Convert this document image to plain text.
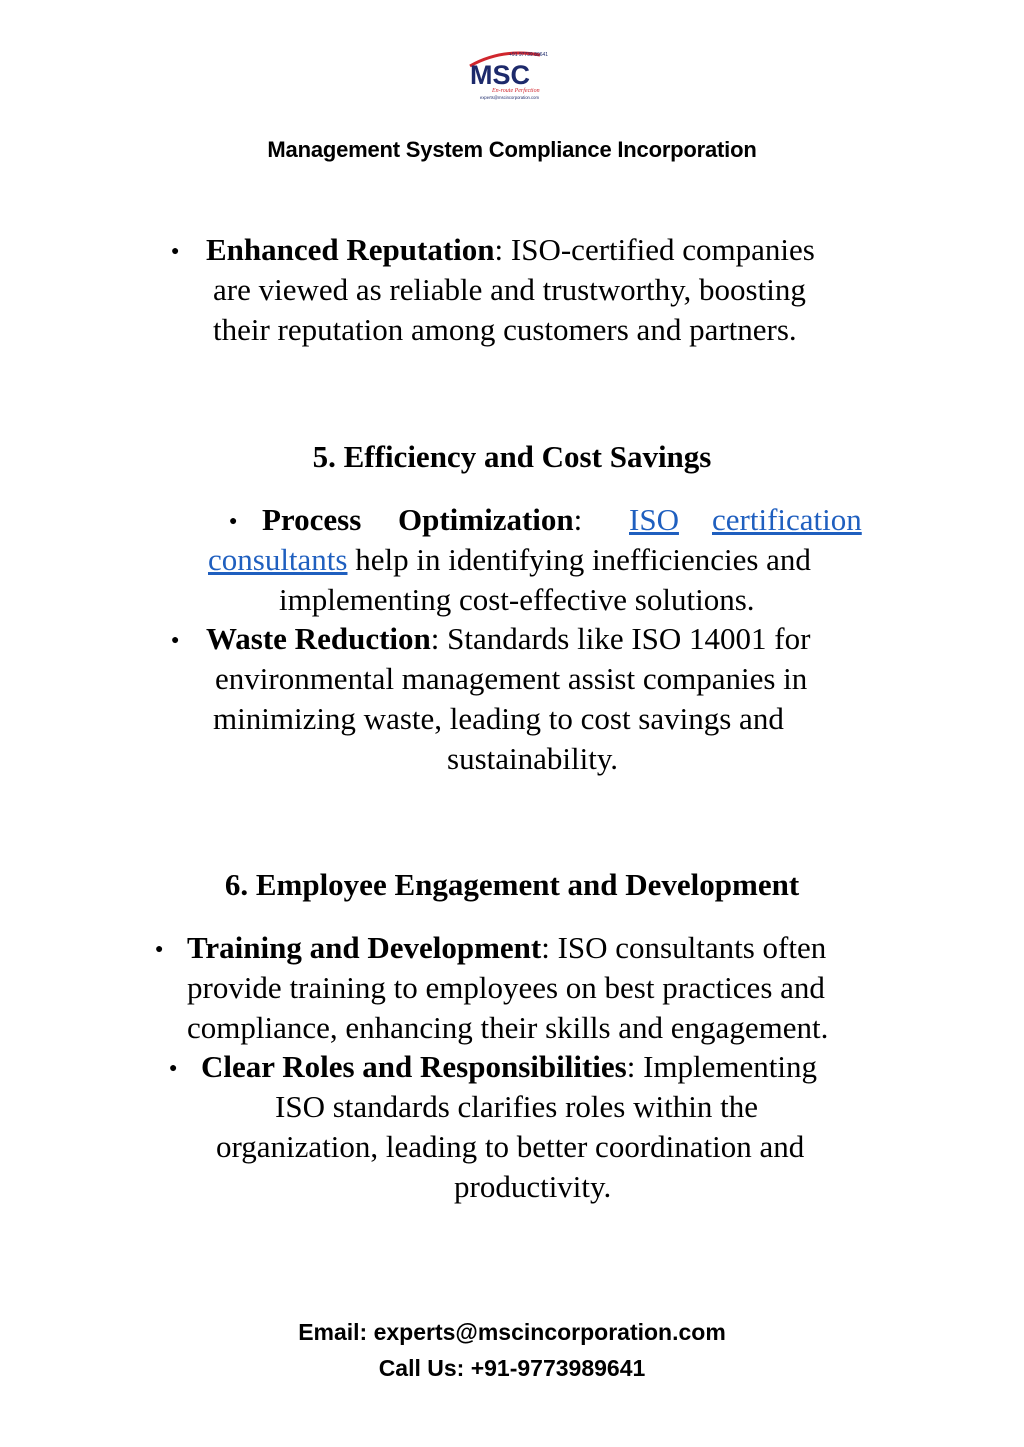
+91 97739 89641
MSC
En-route Perfection
experts@mscincorporation.com
Management System Compliance Incorporation
● Enhanced Reputation: ISO-certified companies
are viewed as reliable and trustworthy, boosting
their reputation among customers and partners.
5. Efficiency and Cost Savings
● Process Optimization: ISO certification
consultants help in identifying inefficiencies and
implementing cost-effective solutions.
● Waste Reduction: Standards like ISO 14001 for
environmental management assist companies in
minimizing waste, leading to cost savings and
sustainability.
6. Employee Engagement and Development
● Training and Development: ISO consultants often
provide training to employees on best practices and
compliance, enhancing their skills and engagement.
● Clear Roles and Responsibilities: Implementing
ISO standards clarifies roles within the
organization, leading to better coordination and
productivity.
Email: experts@mscincorporation.com
Call Us: +91-9773989641
